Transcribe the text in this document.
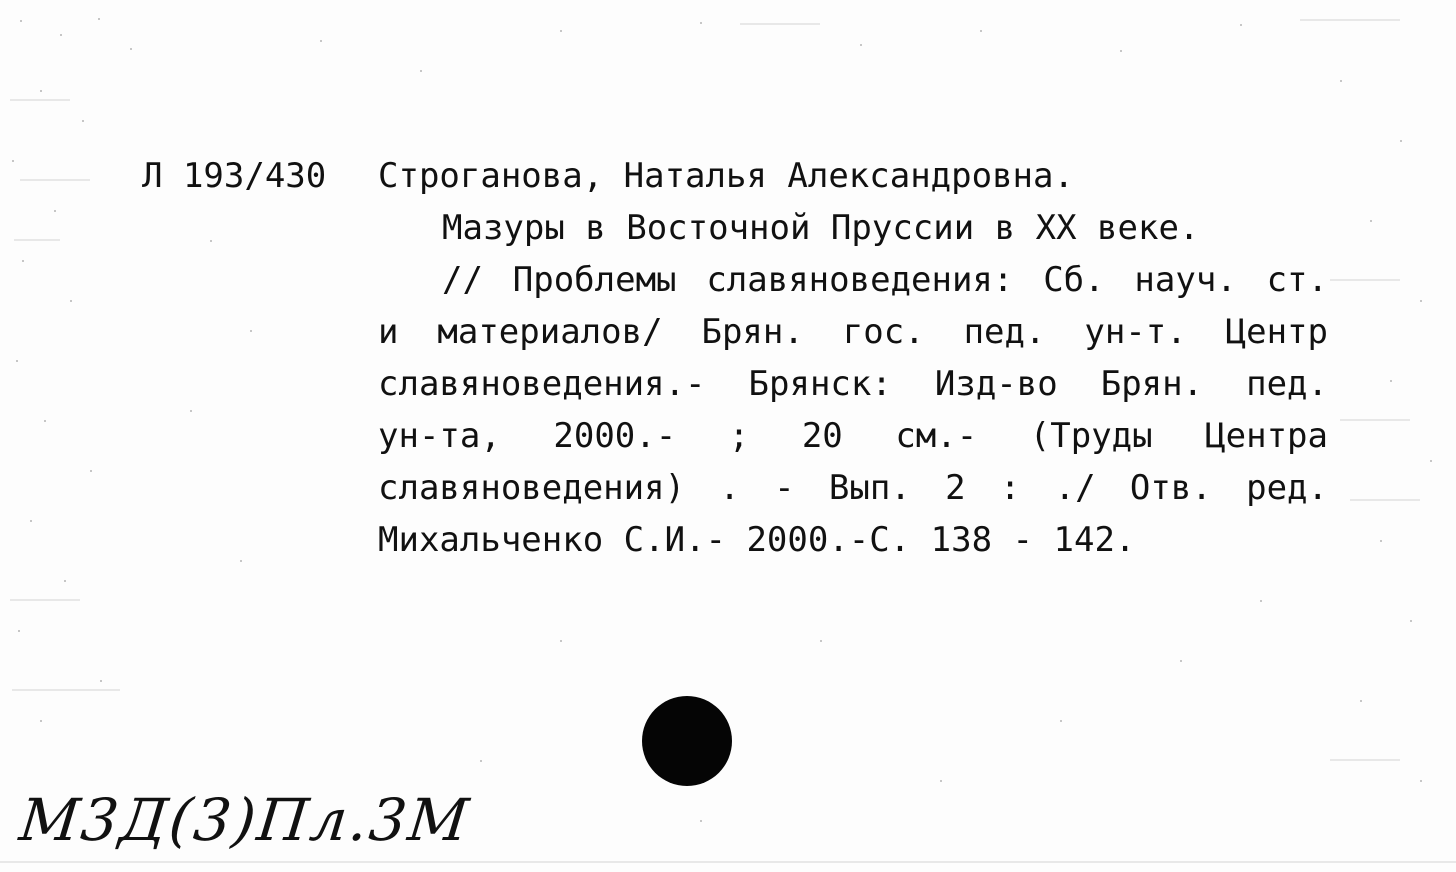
Л 193/430 Строганова, Наталья Александровна.
Мазуры в Восточной Пруссии в XX веке.
// Проблемы славяноведения: Сб. науч. ст.
и материалов/ Брян. гос. пед. ун-т. Центр
славяноведения.- Брянск: Изд-во Брян. пед.
ун-та, 2000.- ; 20 см.- (Труды Центра
славяноведения) . - Вып. 2 : ./ Отв. ред.
Михальченко С.И.- 2000.-С. 138 - 142.
М3Д(3)Пл.3М
